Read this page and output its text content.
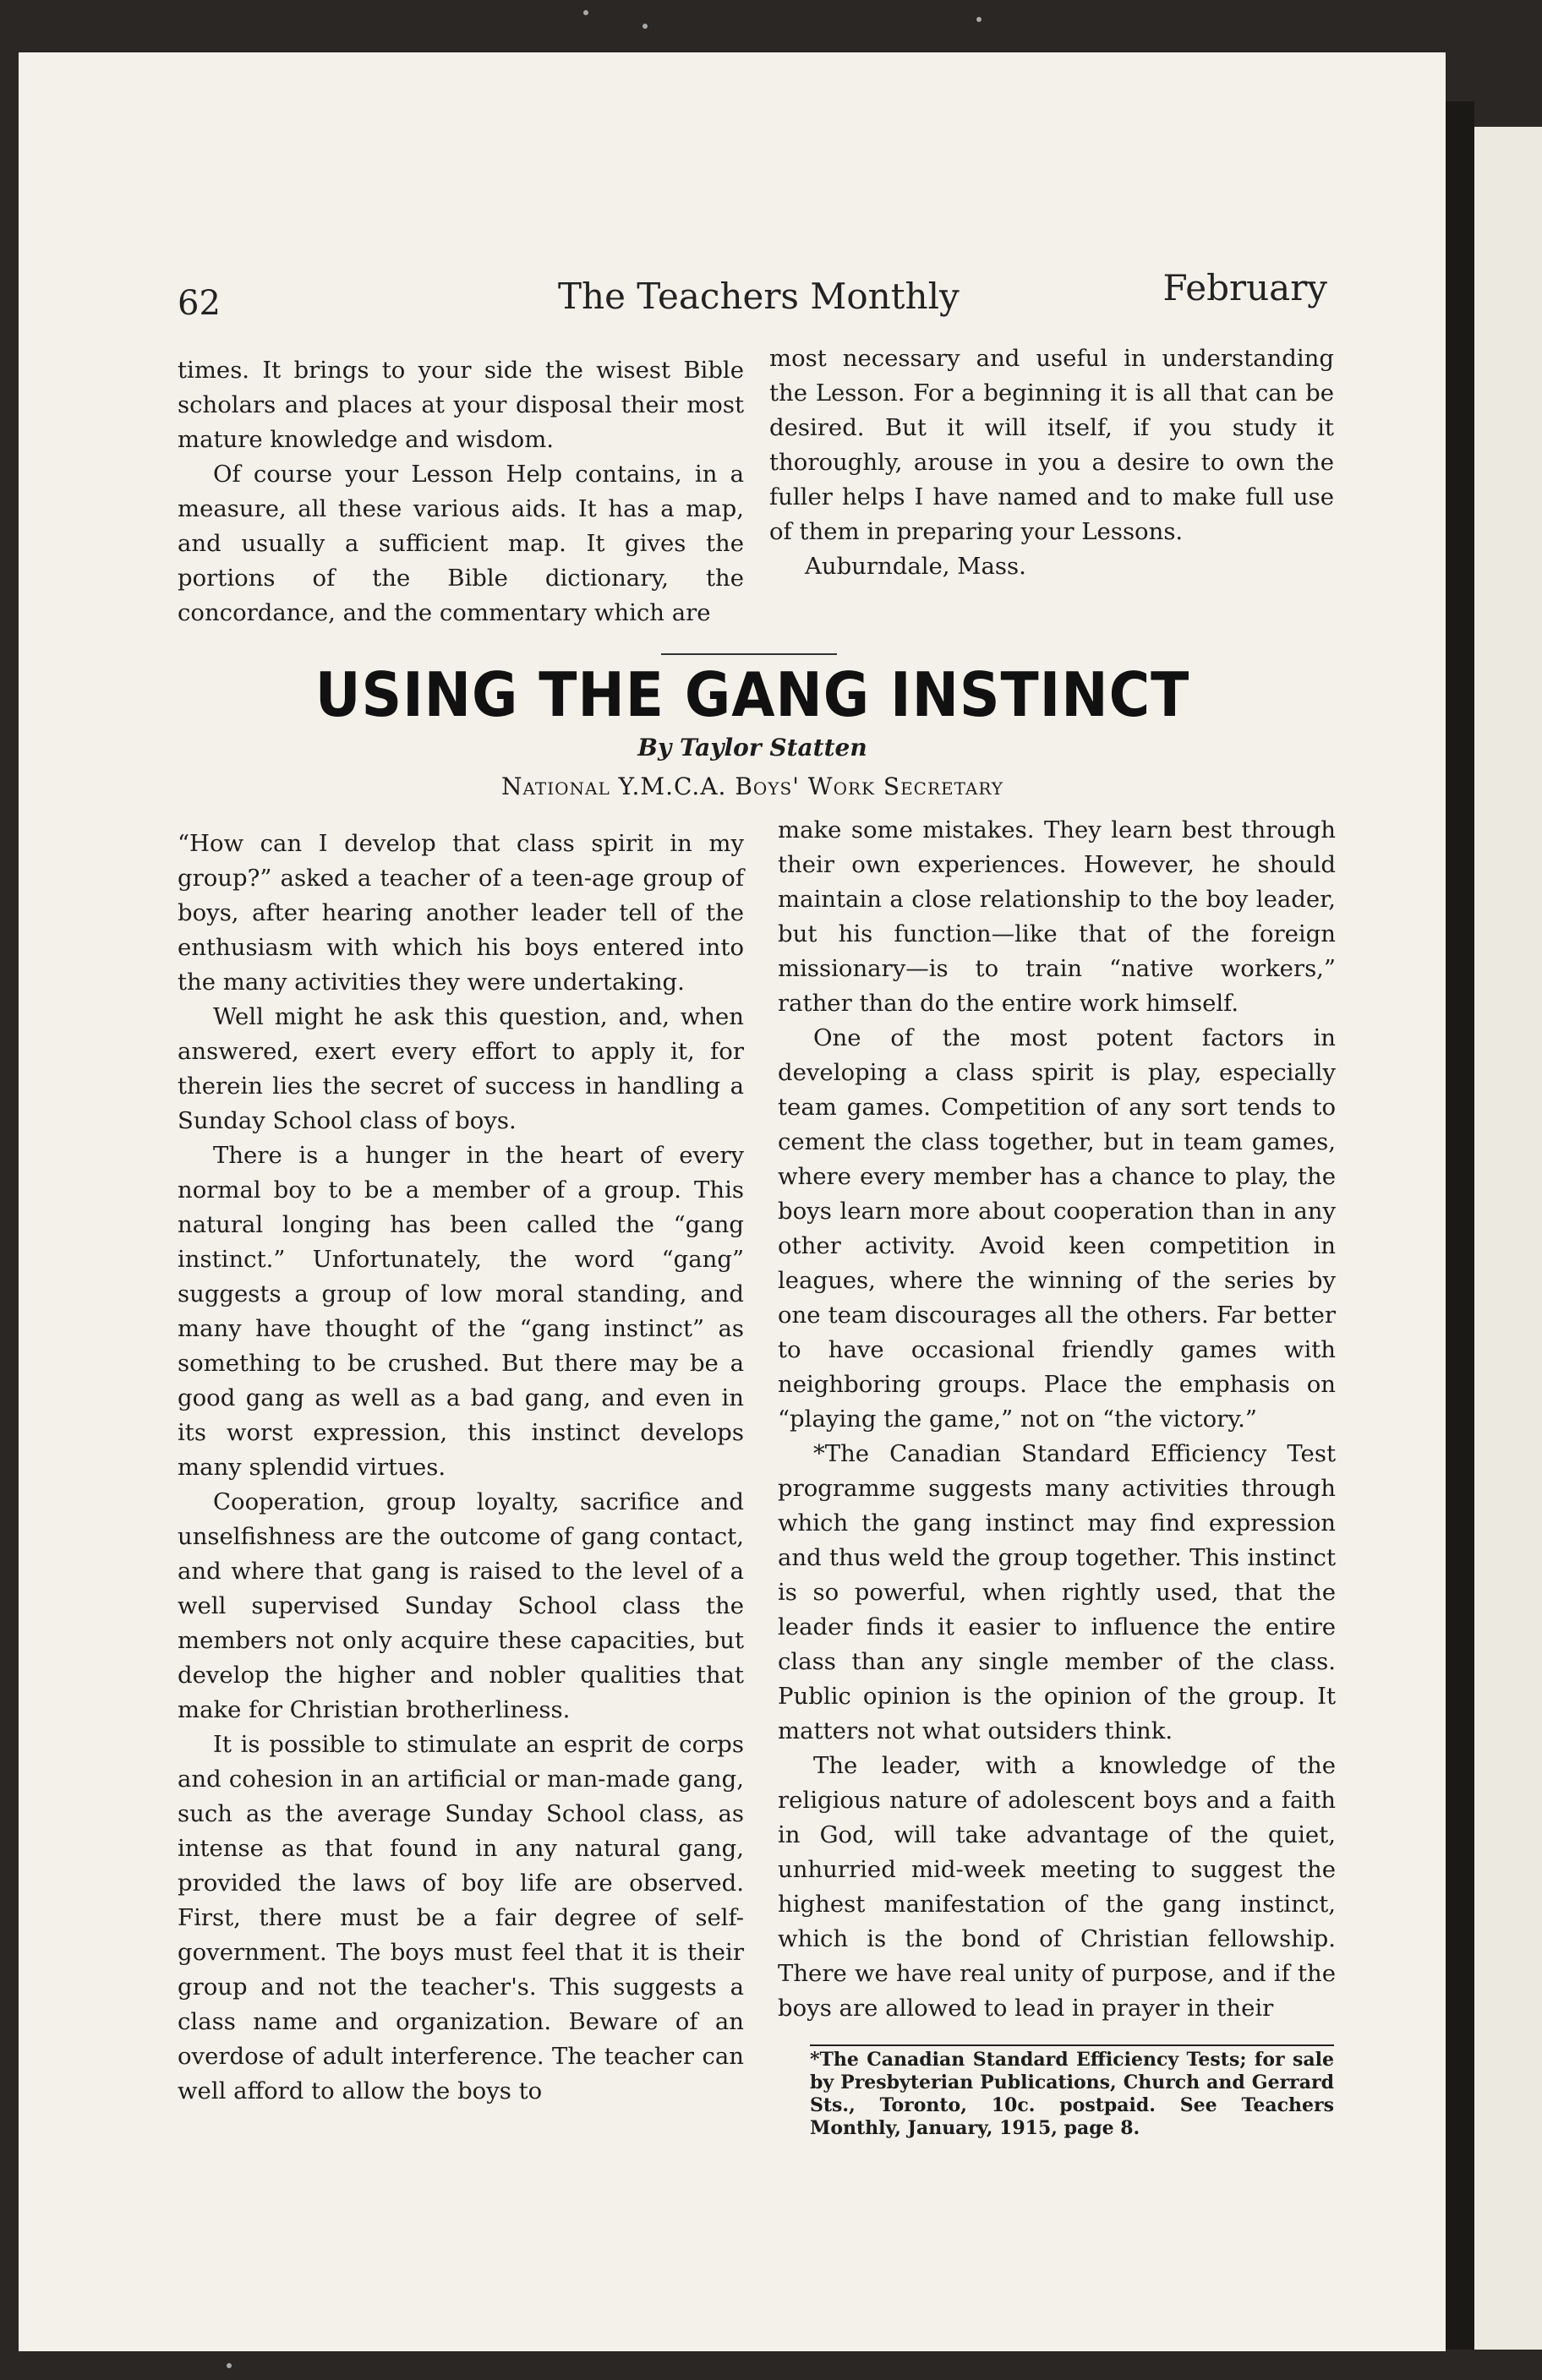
62	The Teachers Monthly	February

times. It brings to your side the wisest Bible scholars and places at your disposal their most mature knowledge and wisdom.

Of course your Lesson Help contains, in a measure, all these various aids. It has a map, and usually a sufficient map. It gives the portions of the Bible dictionary, the concordance, and the commentary which are

most necessary and useful in understanding the Lesson. For a beginning it is all that can be desired. But it will itself, if you study it thoroughly, arouse in you a desire to own the fuller helps I have named and to make full use of them in preparing your Lessons.

Auburndale, Mass.

USING THE GANG INSTINCT
By Taylor Statten
National Y.M.C.A. Boys' Work Secretary

“How can I develop that class spirit in my group?” asked a teacher of a teen-age group of boys, after hearing another leader tell of the enthusiasm with which his boys entered into the many activities they were undertaking.

Well might he ask this question, and, when answered, exert every effort to apply it, for therein lies the secret of success in handling a Sunday School class of boys.

There is a hunger in the heart of every normal boy to be a member of a group. This natural longing has been called the “gang instinct.” Unfortunately, the word “gang” suggests a group of low moral standing, and many have thought of the “gang instinct” as something to be crushed. But there may be a good gang as well as a bad gang, and even in its worst expression, this instinct develops many splendid virtues.

Cooperation, group loyalty, sacrifice and unselfishness are the outcome of gang contact, and where that gang is raised to the level of a well supervised Sunday School class the members not only acquire these capacities, but develop the higher and nobler qualities that make for Christian brotherliness.

It is possible to stimulate an esprit de corps and cohesion in an artificial or man-made gang, such as the average Sunday School class, as intense as that found in any natural gang, provided the laws of boy life are observed. First, there must be a fair degree of self-government. The boys must feel that it is their group and not the teacher's. This suggests a class name and organization. Beware of an overdose of adult interference. The teacher can well afford to allow the boys to

make some mistakes. They learn best through their own experiences. However, he should maintain a close relationship to the boy leader, but his function—like that of the foreign missionary—is to train “native workers,” rather than do the entire work himself.

One of the most potent factors in developing a class spirit is play, especially team games. Competition of any sort tends to cement the class together, but in team games, where every member has a chance to play, the boys learn more about cooperation than in any other activity. Avoid keen competition in leagues, where the winning of the series by one team discourages all the others. Far better to have occasional friendly games with neighboring groups. Place the emphasis on “playing the game,” not on “the victory.”

*The Canadian Standard Efficiency Test programme suggests many activities through which the gang instinct may find expression and thus weld the group together. This instinct is so powerful, when rightly used, that the leader finds it easier to influence the entire class than any single member of the class. Public opinion is the opinion of the group. It matters not what outsiders think.

The leader, with a knowledge of the religious nature of adolescent boys and a faith in God, will take advantage of the quiet, unhurried mid-week meeting to suggest the highest manifestation of the gang instinct, which is the bond of Christian fellowship. There we have real unity of purpose, and if the boys are allowed to lead in prayer in their

*The Canadian Standard Efficiency Tests; for sale by Presbyterian Publications, Church and Gerrard Sts., Toronto, 10c. postpaid. See Teachers Monthly, January, 1915, page 8.
